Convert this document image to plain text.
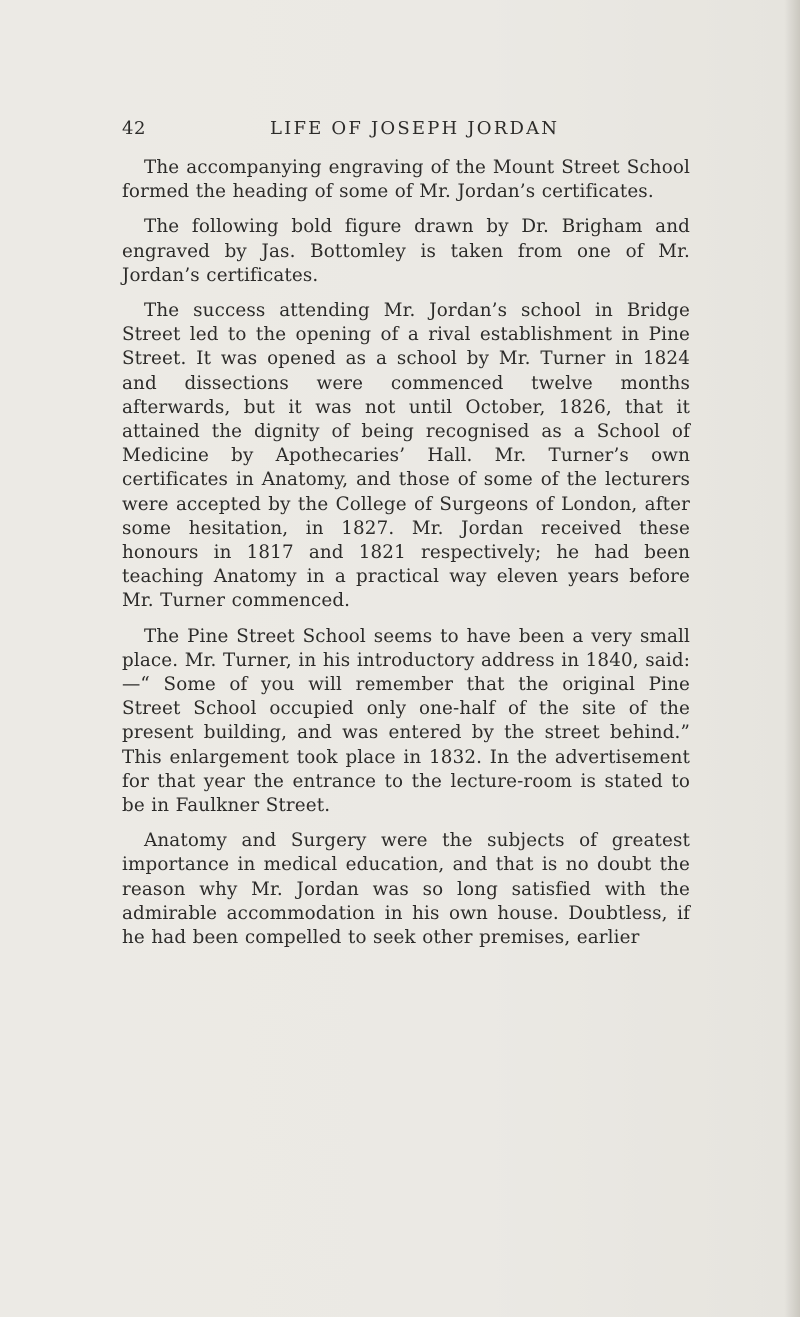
42	LIFE OF JOSEPH JORDAN

The accompanying engraving of the Mount Street School formed the heading of some of Mr. Jordan’s certificates.

The following bold figure drawn by Dr. Brigham and engraved by Jas. Bottomley is taken from one of Mr. Jordan’s certificates.

The success attending Mr. Jordan’s school in Bridge Street led to the opening of a rival establishment in Pine Street. It was opened as a school by Mr. Turner in 1824 and dissections were commenced twelve months afterwards, but it was not until October, 1826, that it attained the dignity of being recognised as a School of Medicine by Apothecaries’ Hall. Mr. Turner’s own certificates in Anatomy, and those of some of the lecturers were accepted by the College of Surgeons of London, after some hesitation, in 1827. Mr. Jordan received these honours in 1817 and 1821 respectively; he had been teaching Anatomy in a practical way eleven years before Mr. Turner commenced.

The Pine Street School seems to have been a very small place. Mr. Turner, in his introductory address in 1840, said:—“ Some of you will remember that the original Pine Street School occupied only one-half of the site of the present building, and was entered by the street behind.” This enlargement took place in 1832. In the advertisement for that year the entrance to the lecture-room is stated to be in Faulkner Street.

Anatomy and Surgery were the subjects of greatest importance in medical education, and that is no doubt the reason why Mr. Jordan was so long satisfied with the admirable accommodation in his own house. Doubtless, if he had been compelled to seek other premises, earlier
